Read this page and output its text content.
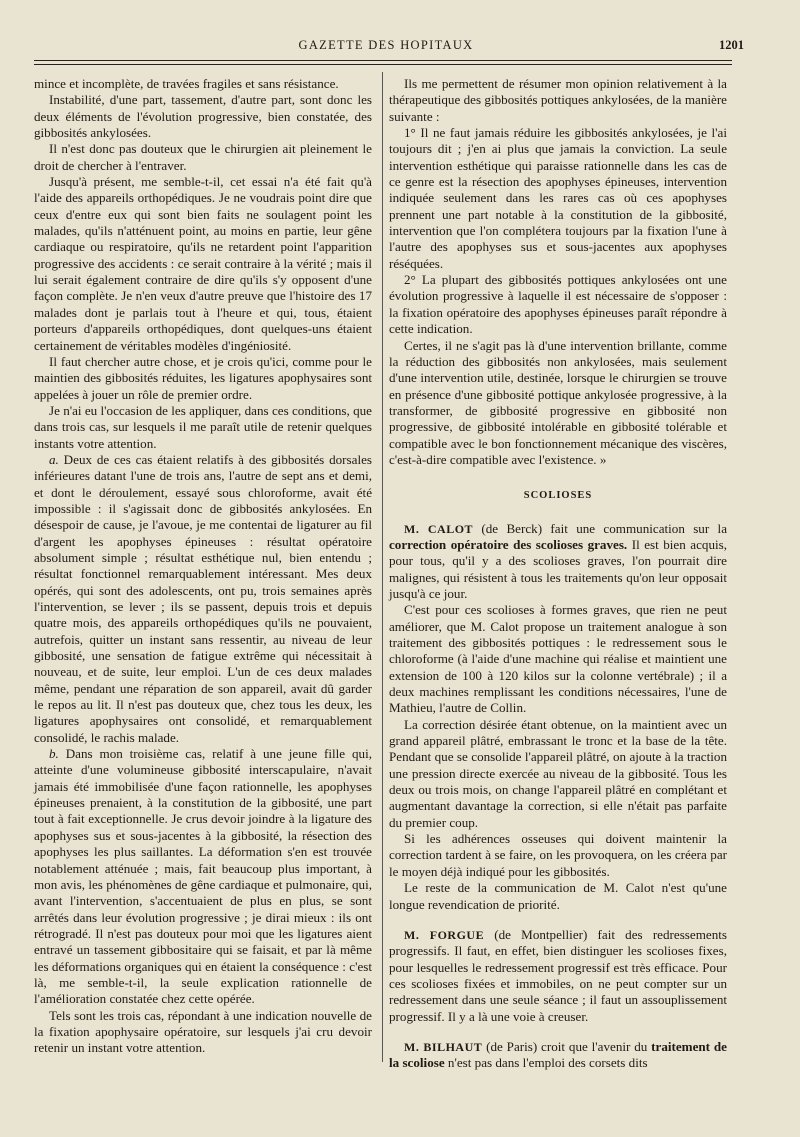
GAZETTE DES HOPITAUX	1201

mince et incomplète, de travées fragiles et sans résistance.

Instabilité, d'une part, tassement, d'autre part, sont donc les deux éléments de l'évolution progressive, bien constatée, des gibbosités ankylosées.

Il n'est donc pas douteux que le chirurgien ait pleinement le droit de chercher à l'entraver.

Jusqu'à présent, me semble-t-il, cet essai n'a été fait qu'à l'aide des appareils orthopédiques. Je ne voudrais point dire que ceux d'entre eux qui sont bien faits ne soulagent point les malades, qu'ils n'atténuent point, au moins en partie, leur gêne cardiaque ou respiratoire, qu'ils ne retardent point l'apparition progressive des accidents : ce serait contraire à la vérité ; mais il lui serait également contraire de dire qu'ils s'y opposent d'une façon complète. Je n'en veux d'autre preuve que l'histoire des 17 malades dont je parlais tout à l'heure et qui, tous, étaient porteurs d'appareils orthopédiques, dont quelques-uns étaient certainement de véritables modèles d'ingéniosité.

Il faut chercher autre chose, et je crois qu'ici, comme pour le maintien des gibbosités réduites, les ligatures apophysaires sont appelées à jouer un rôle de premier ordre.

Je n'ai eu l'occasion de les appliquer, dans ces conditions, que dans trois cas, sur lesquels il me paraît utile de retenir quelques instants votre attention.

a. Deux de ces cas étaient relatifs à des gibbosités dorsales inférieures datant l'une de trois ans, l'autre de sept ans et demi, et dont le déroulement, essayé sous chloroforme, avait été impossible : il s'agissait donc de gibbosités ankylosées. En désespoir de cause, je l'avoue, je me contentai de ligaturer au fil d'argent les apophyses épineuses : résultat opératoire absolument simple ; résultat esthétique nul, bien entendu ; résultat fonctionnel remarquablement intéressant. Mes deux opérés, qui sont des adolescents, ont pu, trois semaines après l'intervention, se lever ; ils se passent, depuis trois et depuis quatre mois, des appareils orthopédiques qu'ils ne pouvaient, autrefois, quitter un instant sans ressentir, au niveau de leur gibbosité, une sensation de fatigue extrême qui nécessitait à nouveau, et de suite, leur emploi. L'un de ces deux malades même, pendant une réparation de son appareil, avait dû garder le repos au lit. Il n'est pas douteux que, chez tous les deux, les ligatures apophysaires ont consolidé, et remarquablement consolidé, le rachis malade.

b. Dans mon troisième cas, relatif à une jeune fille qui, atteinte d'une volumineuse gibbosité interscapulaire, n'avait jamais été immobilisée d'une façon rationnelle, les apophyses épineuses prenaient, à la constitution de la gibbosité, une part tout à fait exceptionnelle. Je crus devoir joindre à la ligature des apophyses sus et sous-jacentes à la gibbosité, la résection des apophyses les plus saillantes. La déformation s'en est trouvée notablement atténuée ; mais, fait beaucoup plus important, à mon avis, les phénomènes de gêne cardiaque et pulmonaire, qui, avant l'intervention, s'accentuaient de plus en plus, se sont arrêtés dans leur évolution progressive ; je dirai mieux : ils ont rétrogradé. Il n'est pas douteux pour moi que les ligatures aient entravé un tassement gibbositaire qui se faisait, et par là même les déformations organiques qui en étaient la conséquence : c'est là, me semble-t-il, la seule explication rationnelle de l'amélioration constatée chez cette opérée.

Tels sont les trois cas, répondant à une indication nouvelle de la fixation apophysaire opératoire, sur lesquels j'ai cru devoir retenir un instant votre attention.

Ils me permettent de résumer mon opinion relativement à la thérapeutique des gibbosités pottiques ankylosées, de la manière suivante :

1° Il ne faut jamais réduire les gibbosités ankylosées, je l'ai toujours dit ; j'en ai plus que jamais la conviction. La seule intervention esthétique qui paraisse rationnelle dans les cas de ce genre est la résection des apophyses épineuses, intervention indiquée seulement dans les rares cas où ces apophyses prennent une part notable à la constitution de la gibbosité, intervention que l'on complétera toujours par la fixation l'une à l'autre des apophyses sus et sous-jacentes aux apophyses réséquées.

2° La plupart des gibbosités pottiques ankylosées ont une évolution progressive à laquelle il est nécessaire de s'opposer : la fixation opératoire des apophyses épineuses paraît répondre à cette indication.

Certes, il ne s'agit pas là d'une intervention brillante, comme la réduction des gibbosités non ankylosées, mais seulement d'une intervention utile, destinée, lorsque le chirurgien se trouve en présence d'une gibbosité pottique ankylosée progressive, à la transformer, de gibbosité progressive en gibbosité non progressive, de gibbosité intolérable en gibbosité tolérable et compatible avec le bon fonctionnement mécanique des viscères, c'est-à-dire compatible avec l'existence. »

SCOLIOSES

M. CALOT (de Berck) fait une communication sur la correction opératoire des scolioses graves. Il est bien acquis, pour tous, qu'il y a des scolioses graves, l'on pourrait dire malignes, qui résistent à tous les traitements qu'on leur opposait jusqu'à ce jour.

C'est pour ces scolioses à formes graves, que rien ne peut améliorer, que M. Calot propose un traitement analogue à son traitement des gibbosités pottiques : le redressement sous le chloroforme (à l'aide d'une machine qui réalise et maintient une extension de 100 à 120 kilos sur la colonne vertébrale) ; il a deux machines remplissant les conditions nécessaires, l'une de Mathieu, l'autre de Collin.

La correction désirée étant obtenue, on la maintient avec un grand appareil plâtré, embrassant le tronc et la base de la tête. Pendant que se consolide l'appareil plâtré, on ajoute à la traction une pression directe exercée au niveau de la gibbosité. Tous les deux ou trois mois, on change l'appareil plâtré en complétant et augmentant davantage la correction, si elle n'était pas parfaite du premier coup.

Si les adhérences osseuses qui doivent maintenir la correction tardent à se faire, on les provoquera, on les créera par le moyen déjà indiqué pour les gibbosités.

Le reste de la communication de M. Calot n'est qu'une longue revendication de priorité.

M. FORGUE (de Montpellier) fait des redressements progressifs. Il faut, en effet, bien distinguer les scolioses fixes, pour lesquelles le redressement progressif est très efficace. Pour ces scolioses fixées et immobiles, on ne peut compter sur un redressement dans une seule séance ; il faut un assouplissement progressif. Il y a là une voie à creuser.

M. BILHAUT (de Paris) croit que l'avenir du traitement de la scoliose n'est pas dans l'emploi des corsets dits
